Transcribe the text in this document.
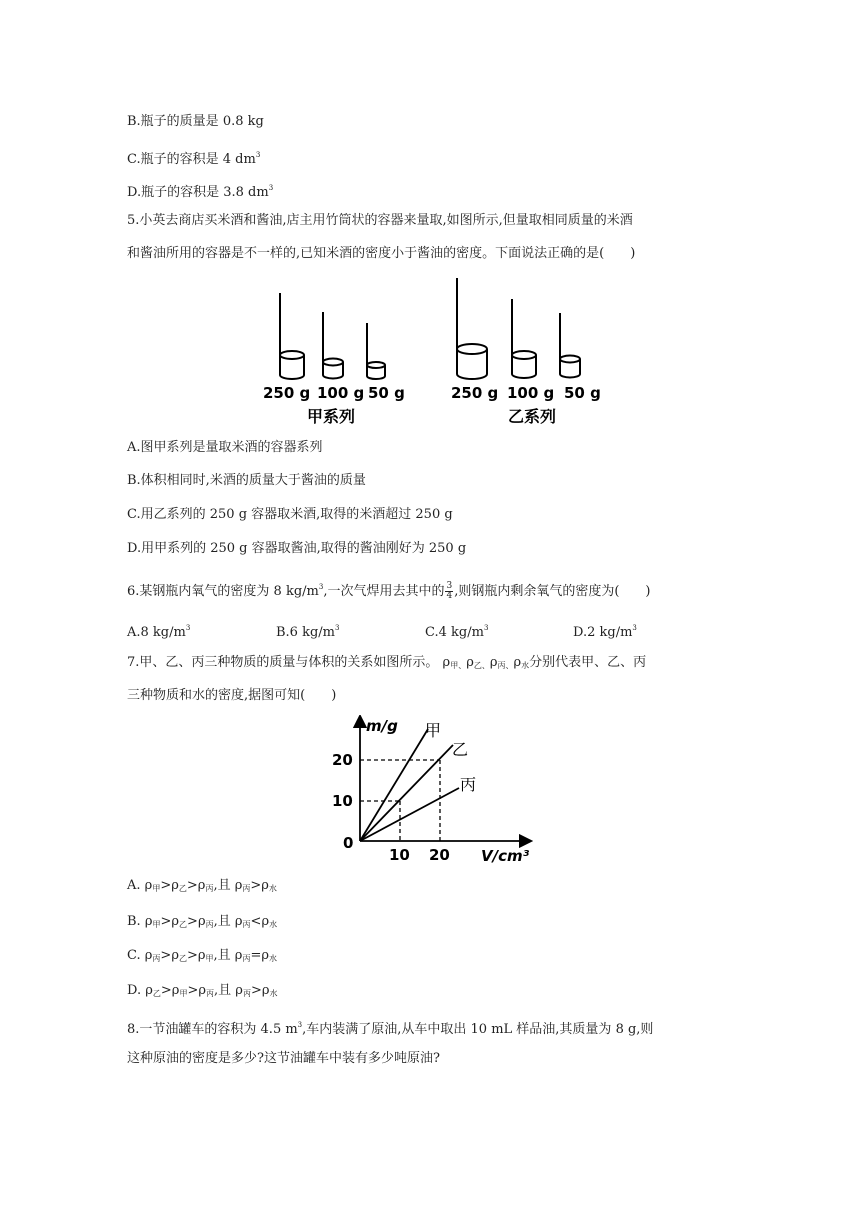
B.瓶子的质量是 0.8 kg
C.瓶子的容积是 4 $dm^3$
D.瓶子的容积是 3.8 $dm^3$
5.小英去商店买米酒和酱油,店主用竹筒状的容器来量取,如图所示,但量取相同质量的米酒
和酱油所用的容器是不一样的,已知米酒的密度小于酱油的密度。下面说法正确的是(　　)
250 g 100 g 50 g	250 g 100 g 50 g
甲系列	乙系列
A.图甲系列是量取米酒的容器系列
B.体积相同时,米酒的质量大于酱油的质量
C.用乙系列的 250 g 容器取米酒,取得的米酒超过 250 g
D.用甲系列的 250 g 容器取酱油,取得的酱油刚好为 250 g
6.某钢瓶内氧气的密度为 8 $kg/m^3$,一次气焊用去其中的 $\frac{3}{4}$ ,则钢瓶内剩余氧气的密度为(　　)
A.8 $kg/m^3$	B.6 $kg/m^3$	C.4 $kg/m^3$	D.2 $kg/m^3$
7.甲、乙、丙三种物质的质量与体积的关系如图所示。 $\rho_{甲、}\rho_{乙、}\rho_{丙、}\rho_水$分别代表甲、乙、丙
三种物质和水的密度,据图可知(　　)
m/g
V/cm³
0
10
20
10 20
甲
乙
丙
A. $\rho_甲>\rho_乙>\rho_丙$,且 $\rho_丙>\rho_水$
B. $\rho_甲>\rho_乙>\rho_丙$,且 $\rho_丙<\rho_水$
C. $\rho_丙>\rho_乙>\rho_甲$,且 $\rho_丙=\rho_水$
D. $\rho_乙>\rho_甲>\rho_丙$,且 $\rho_丙>\rho_水$
8.一节油罐车的容积为 4.5 $m^3$,车内装满了原油,从车中取出 10 mL 样品油,其质量为 8 g,则
这种原油的密度是多少?这节油罐车中装有多少吨原油?
